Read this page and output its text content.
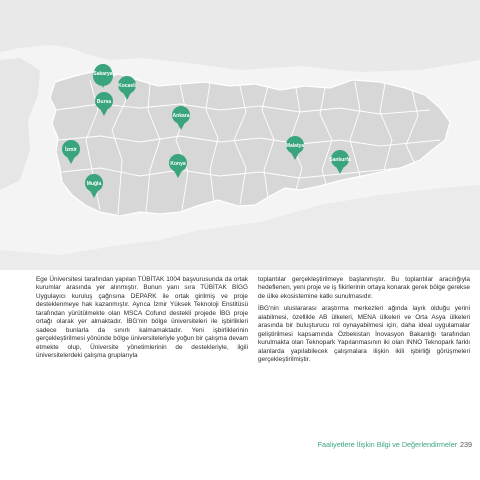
Sakarya
Kocaeli
Bursa
Ankara
İzmir
Konya
Malatya
Şanlıurfa
Muğla

Ege Üniversitesi tarafından yapılan TÜBİTAK 1004 başvurusunda da ortak kurumlar arasında yer alınmıştır. Bunun yanı sıra TÜBİTAK BİGG Uygulayıcı kuruluş çağrısına DEPARK ile ortak girilmiş ve proje desteklenmeye hak kazanmıştır. Ayrıca İzmir Yüksek Teknoloji Enstitüsü tarafından yürütülmekte olan MSCA Cofund destekli projede İBG proje ortağı olarak yer almaktadır. İBG'nin bölge üniversiteleri ile işbirlikleri sadece bunlarla da sınırlı kalmamaktadır. Yeni işbirliklerinin gerçekleştirilmesi yönünde bölge üniversiteleriyle yoğun bir çalışma devam etmekte olup, Üniversite yönetimlerinin de destekleriyle, ilgili üniversitelerdeki çalışma gruplarıyla

toplantılar gerçekleştirilmeye başlanmıştır. Bu toplantılar aracılığıyla hedeflenen, yeni proje ve iş fikirlerinin ortaya konarak gerek bölge gerekse de ülke ekosistemine katkı sunulmasıdır.

İBG'nin uluslararası araştırma merkezleri ağında layık olduğu yerini alabilmesi, özellikle AB ülkeleri, MENA ülkeleri ve Orta Asya ülkeleri arasında bir buluşturucu rol oynayabilmesi için, daha ideal uygulamalar geliştirilmesi kapsamında Özbekistan İnovasyon Bakanlığı tarafından kurulmakta olan Teknopark Yapılanmasının iki olan INNO Teknopark farklı alanlarda yapılabilecek çalışmalara ilişkin ikili işbirliği görüşmeleri gerçekleştirilmiştir.

Faaliyetlere İlişkin Bilgi ve Değerlendirmeler 239
